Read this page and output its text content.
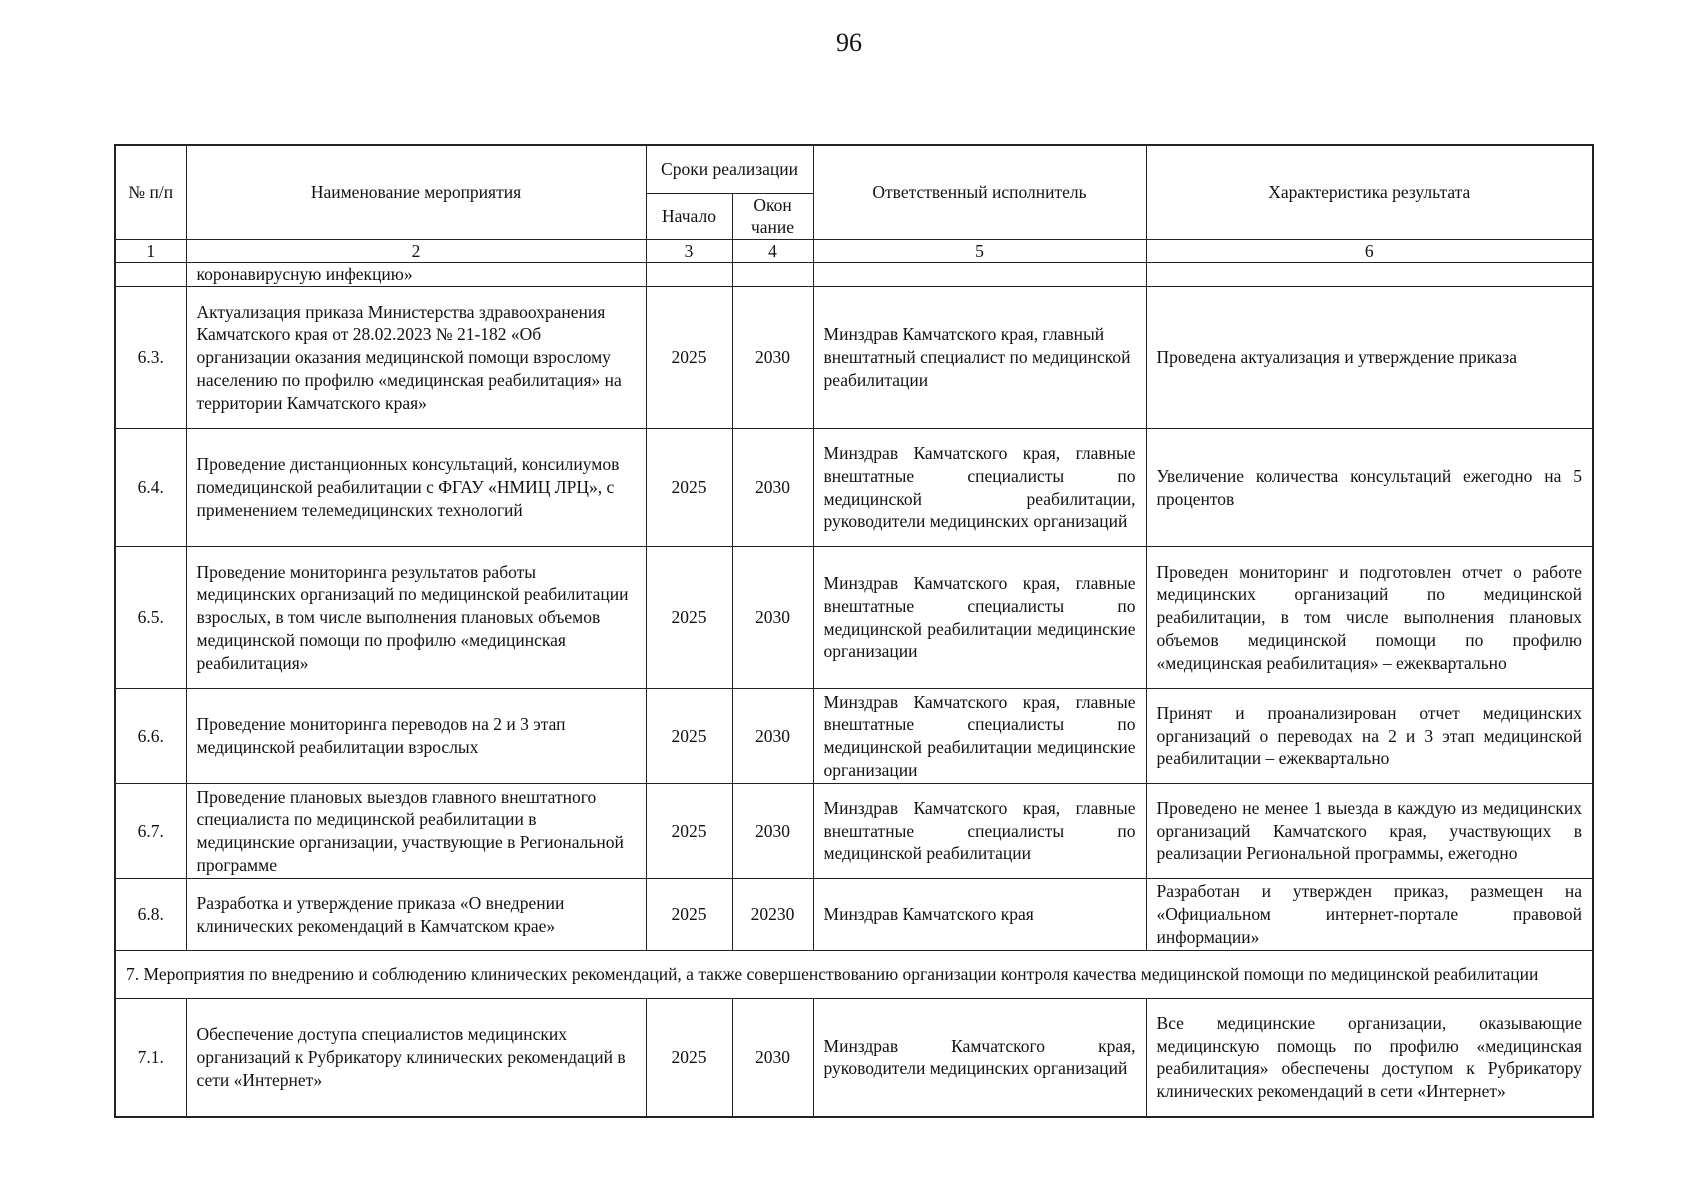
96
№ п/п	Наименование мероприятия	Сроки реализации		Ответственный исполнитель	Характеристика результата
		Начало	Окон чание		
1	2	3	4	5	6
	коронавирусную инфекцию»				
6.3.	Актуализация приказа Министерства здравоохранения Камчатского края от 28.02.2023 № 21-182 «Об организации оказания медицинской помощи взрослому населению по профилю «медицинская реабилитация» на территории Камчатского края»	2025	2030	Минздрав Камчатского края, главный внештатный специалист по медицинской реабилитации	Проведена актуализация и утверждение приказа
6.4.	Проведение дистанционных консультаций, консилиумов помедицинской реабилитации с ФГАУ «НМИЦ ЛРЦ», с применением телемедицинских технологий	2025	2030	Минздрав Камчатского края, главные внештатные специалисты по медицинской реабилитации, руководители медицинских организаций	Увеличение количества консультаций ежегодно на 5 процентов
6.5.	Проведение мониторинга результатов работы медицинских организаций по медицинской реабилитации взрослых, в том числе выполнения плановых объемов медицинской помощи по профилю «медицинская реабилитация»	2025	2030	Минздрав Камчатского края, главные внештатные специалисты по медицинской реабилитации медицинские организации	Проведен мониторинг и подготовлен отчет о работе медицинских организаций по медицинской реабилитации, в том числе выполнения плановых объемов медицинской помощи по профилю «медицинская реабилитация» – ежеквартально
6.6.	Проведение мониторинга переводов на 2 и 3 этап медицинской реабилитации взрослых	2025	2030	Минздрав Камчатского края, главные внештатные специалисты по медицинской реабилитации медицинские организации	Принят и проанализирован отчет медицинских организаций о переводах на 2 и 3 этап медицинской реабилитации – ежеквартально
6.7.	Проведение плановых выездов главного внештатного специалиста по медицинской реабилитации в медицинские организации, участвующие в Региональной программе	2025	2030	Минздрав Камчатского края, главные внештатные специалисты по медицинской реабилитации	Проведено не менее 1 выезда в каждую из медицинских организаций Камчатского края, участвующих в реализации Региональной программы, ежегодно
6.8.	Разработка и утверждение приказа «О внедрении клинических рекомендаций в Камчатском крае»	2025	20230	Минздрав Камчатского края	Разработан и утвержден приказ, размещен на «Официальном интернет-портале правовой информации»
7. Мероприятия по внедрению и соблюдению клинических рекомендаций, а также совершенствованию организации контроля качества медицинской помощи по медицинской реабилитации					
7.1.	Обеспечение доступа специалистов медицинских организаций к Рубрикатору клинических рекомендаций в сети «Интернет»	2025	2030	Минздрав Камчатского края, руководители медицинских организаций	Все медицинские организации, оказывающие медицинскую помощь по профилю «медицинская реабилитация» обеспечены доступом к Рубрикатору клинических рекомендаций в сети «Интернет»
